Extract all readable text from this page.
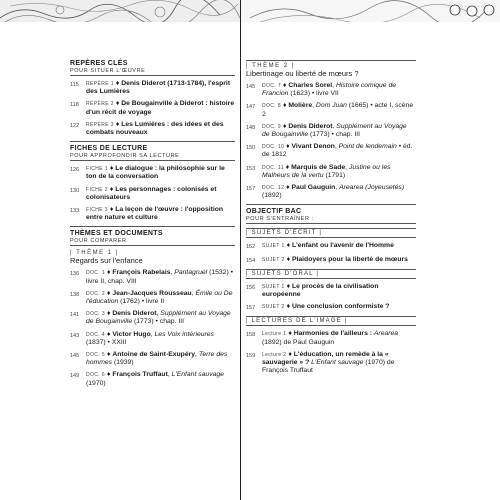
REPÈRES CLÉS
POUR SITUER L'ŒUVRE
115	REPÈRE 1 ♦ Denis Diderot (1713-1784), l'esprit des Lumières
118	REPÈRE 2 ♦ De Bougainville à Diderot : histoire d'un récit de voyage
122	REPÈRE 3 ♦ Les Lumières : des idées et des combats nouveaux
FICHES DE LECTURE
POUR APPROFONDIR SA LECTURE
126	FICHE 1 ♦ Le dialogue : la philosophie sur le ton de la conversation
130	FICHE 2 ♦ Les personnages : colonisés et colonisateurs
133	FICHE 3 ♦ La leçon de l'œuvre : l'opposition entre nature et culture
THÈMES ET DOCUMENTS
POUR COMPARER
| THÈME 1 |
Regards sur l'enfance
136	DOC. 1 ♦ François Rabelais, Pantagruel (1532) • livre II, chap. VIII
138	DOC. 2 ♦ Jean-Jacques Rousseau, Émile ou De l'éducation (1762) • livre II
141	DOC. 3 ♦ Denis Diderot, Supplément au Voyage de Bougainville (1773) • chap. III
143	DOC. 4 ♦ Victor Hugo, Les Voix intérieures (1837) • XXIII
145	DOC. 5 ♦ Antoine de Saint-Exupéry, Terre des hommes (1939)
149	DOC. 6 ♦ François Truffaut, L'Enfant sauvage (1970)
| THÈME 2 |
Libertinage ou liberté de mœurs ?
145	DOC. 7 ♦ Charles Sorel, Histoire comique de Francion (1623) • livre VII
147	DOC. 8 ♦ Molière, Dom Juan (1665) • acte I, scène 2
148	DOC. 9 ♦ Denis Diderot, Supplément au Voyage de Bougainville (1773) • chap. III
150	DOC. 10 ♦ Vivant Denon, Point de lendemain • éd. de 1812
153	DOC. 11 ♦ Marquis de Sade, Justine ou les Malheurs de la vertu (1791)
157	DOC. 12 ♦ Paul Gauguin, Arearea (Joyeusetés) (1892)
OBJECTIF BAC
POUR S'ENTRAÎNER :
| SUJETS D'ÉCRIT |
152	SUJET 1 ♦ L'enfant ou l'avenir de l'Homme
154	SUJET 2 ♦ Plaidoyers pour la liberté de mœurs
| SUJETS D'ORAL |
156	SUJET 1 ♦ Le procès de la civilisation européenne
157	SUJET 2 ♦ Une conclusion conformiste ?
| LECTURES DE L'IMAGE |
158	Lecture 1 ♦ Harmonies de l'ailleurs : Arearea (1892) de Paul Gauguin
159	Lecture 2 ♦ L'éducation, un remède à la « sauvagerie » ? L'Enfant sauvage (1970) de François Truffaut
